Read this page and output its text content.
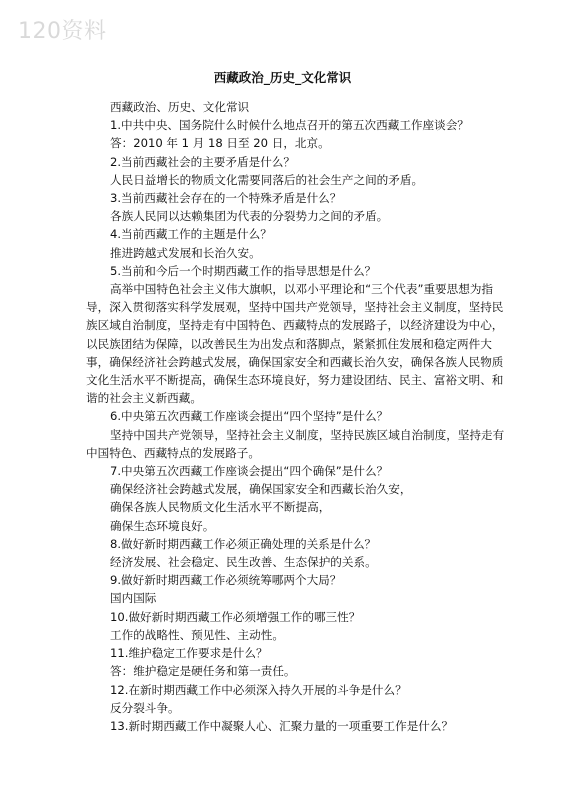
120资料
西藏政治_历史_文化常识

西藏政治、历史、文化常识

1.中共中央、国务院什么时候什么地点召开的第五次西藏工作座谈会？

答：2010 年 1 月 18 日至 20 日，北京。

2.当前西藏社会的主要矛盾是什么？

人民日益增长的物质文化需要同落后的社会生产之间的矛盾。

3.当前西藏社会存在的一个特殊矛盾是什么？

各族人民同以达赖集团为代表的分裂势力之间的矛盾。

4.当前西藏工作的主题是什么？

推进跨越式发展和长治久安。

5.当前和今后一个时期西藏工作的指导思想是什么？

高举中国特色社会主义伟大旗帜，以邓小平理论和“三个代表”重要思想为指导，深入贯彻落实科学发展观，坚持中国共产党领导，坚持社会主义制度，坚持民族区域自治制度，坚持走有中国特色、西藏特点的发展路子，以经济建设为中心，以民族团结为保障，以改善民生为出发点和落脚点，紧紧抓住发展和稳定两件大事，确保经济社会跨越式发展，确保国家安全和西藏长治久安，确保各族人民物质文化生活水平不断提高，确保生态环境良好，努力建设团结、民主、富裕文明、和谐的社会主义新西藏。

6.中央第五次西藏工作座谈会提出“四个坚持”是什么？

坚持中国共产党领导，坚持社会主义制度，坚持民族区域自治制度，坚持走有中国特色、西藏特点的发展路子。

7.中央第五次西藏工作座谈会提出“四个确保”是什么？

确保经济社会跨越式发展，确保国家安全和西藏长治久安，

确保各族人民物质文化生活水平不断提高，

确保生态环境良好。

8.做好新时期西藏工作必须正确处理的关系是什么？

经济发展、社会稳定、民生改善、生态保护的关系。

9.做好新时期西藏工作必须统筹哪两个大局？

国内国际

10.做好新时期西藏工作必须增强工作的哪三性？

工作的战略性、预见性、主动性。

11.维护稳定工作要求是什么？

答：维护稳定是硬任务和第一责任。

12.在新时期西藏工作中必须深入持久开展的斗争是什么？

反分裂斗争。

13.新时期西藏工作中凝聚人心、汇聚力量的一项重要工作是什么？
